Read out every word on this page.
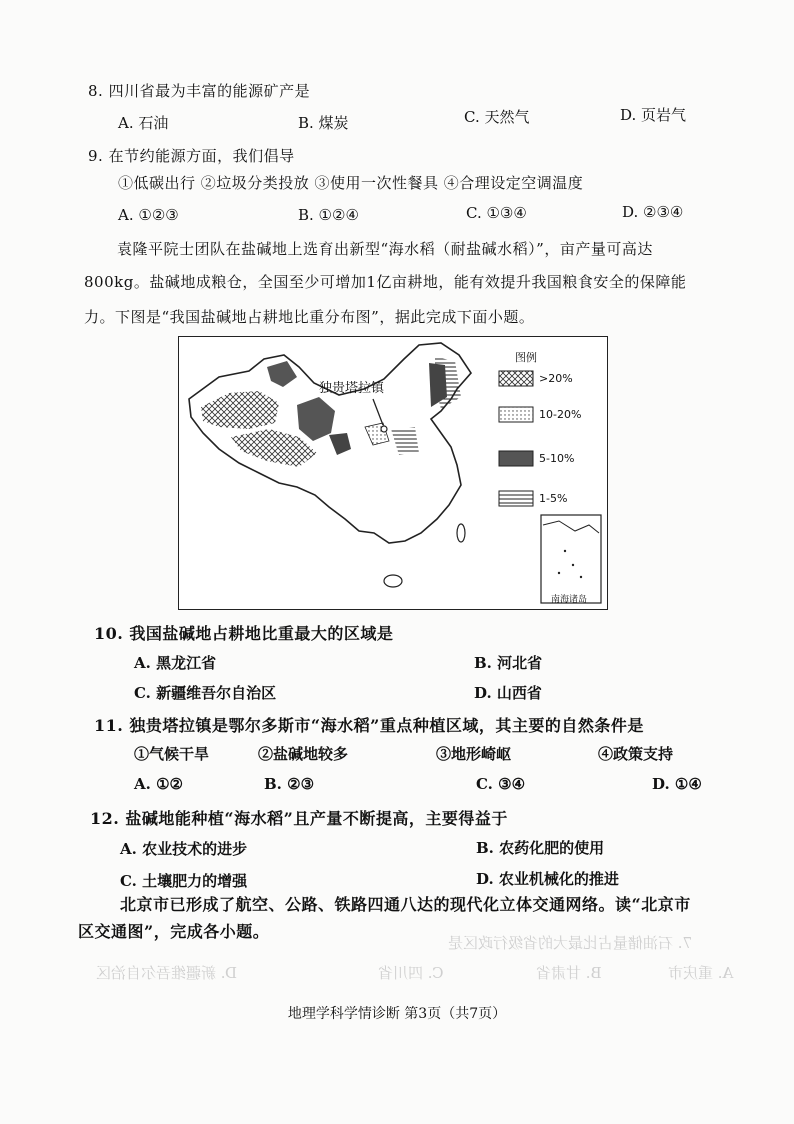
7. 石油储量占比最大的省级行政区是
A. 重庆市
B. 甘肃省
C. 四川省
D. 新疆维吾尔自治区
8. 四川省最为丰富的能源矿产是
A. 石油	B. 煤炭	C. 天然气	D. 页岩气
9. 在节约能源方面，我们倡导
①低碳出行 ②垃圾分类投放 ③使用一次性餐具 ④合理设定空调温度
A. ①②③	B. ①②④	C. ①③④	D. ②③④
袁隆平院士团队在盐碱地上选育出新型“海水稻（耐盐碱水稻）”，亩产量可高达
800kg。盐碱地成粮仓，全国至少可增加1亿亩耕地，能有效提升我国粮食安全的保障能
力。下图是“我国盐碱地占耕地比重分布图”，据此完成下面小题。
独贵塔拉镇
图例
>20%
10-20%
5-10%
1-5%
南海诸岛
10. 我国盐碱地占耕地比重最大的区域是
A. 黑龙江省	B. 河北省
C. 新疆维吾尔自治区	D. 山西省
11. 独贵塔拉镇是鄂尔多斯市“海水稻”重点种植区域，其主要的自然条件是
①气候干旱	②盐碱地较多	③地形崎岖	④政策支持
A. ①②	B. ②③	C. ③④	D. ①④
12. 盐碱地能种植“海水稻”且产量不断提高，主要得益于
A. 农业技术的进步	B. 农药化肥的使用
C. 土壤肥力的增强	D. 农业机械化的推进
北京市已形成了航空、公路、铁路四通八达的现代化立体交通网络。读“北京市
区交通图”，完成各小题。
地理学科学情诊断 第3页（共7页）
